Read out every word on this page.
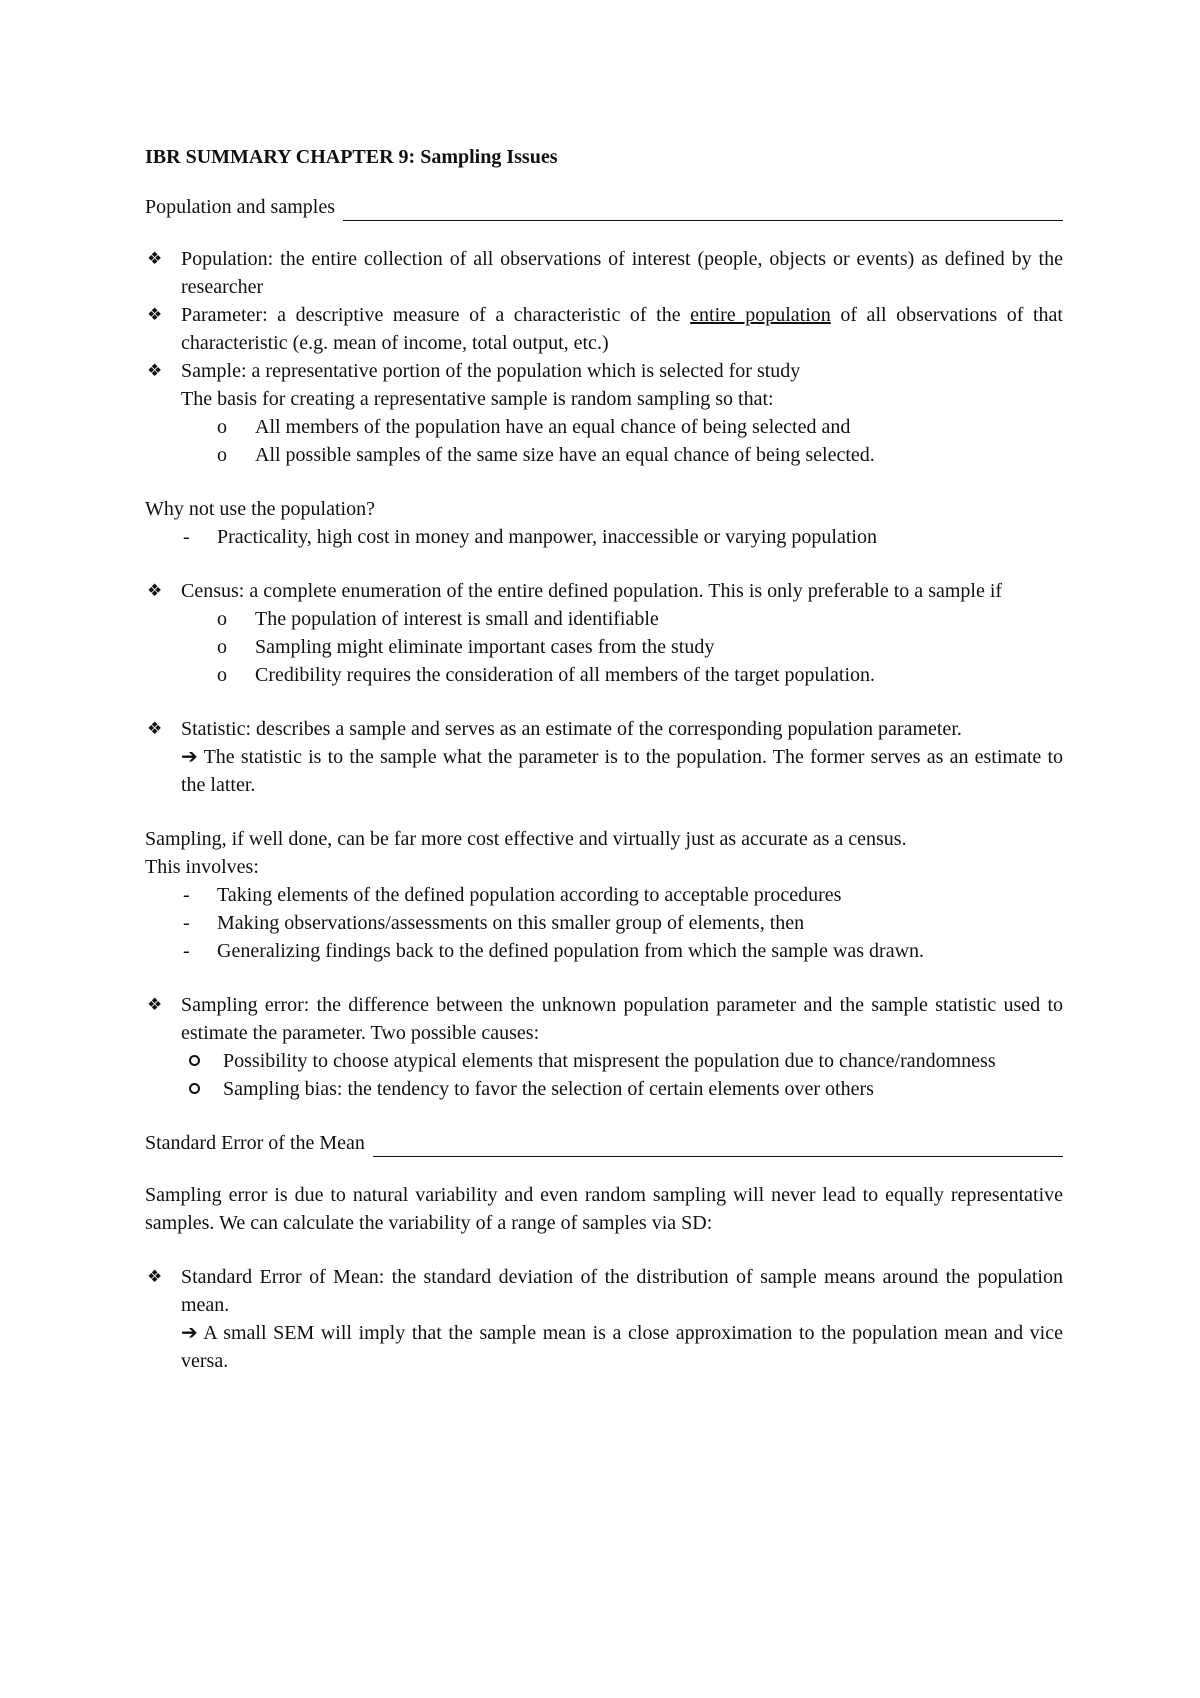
IBR SUMMARY CHAPTER 9: Sampling Issues

Population and samples

❖ Population: the entire collection of all observations of interest (people, objects or events) as defined by the researcher

❖ Parameter: a descriptive measure of a characteristic of the entire population of all observations of that characteristic (e.g. mean of income, total output, etc.)

❖ Sample: a representative portion of the population which is selected for study

The basis for creating a representative sample is random sampling so that:

o All members of the population have an equal chance of being selected and

o All possible samples of the same size have an equal chance of being selected.

Why not use the population?

- Practicality, high cost in money and manpower, inaccessible or varying population

❖ Census: a complete enumeration of the entire defined population. This is only preferable to a sample if

o The population of interest is small and identifiable

o Sampling might eliminate important cases from the study

o Credibility requires the consideration of all members of the target population.

❖ Statistic: describes a sample and serves as an estimate of the corresponding population parameter.

➔ The statistic is to the sample what the parameter is to the population. The former serves as an estimate to the latter.

Sampling, if well done, can be far more cost effective and virtually just as accurate as a census.

This involves:

- Taking elements of the defined population according to acceptable procedures

- Making observations/assessments on this smaller group of elements, then

- Generalizing findings back to the defined population from which the sample was drawn.

❖ Sampling error: the difference between the unknown population parameter and the sample statistic used to estimate the parameter. Two possible causes:

Possibility to choose atypical elements that mispresent the population due to chance/randomness

Sampling bias: the tendency to favor the selection of certain elements over others

Standard Error of the Mean

Sampling error is due to natural variability and even random sampling will never lead to equally representative samples. We can calculate the variability of a range of samples via SD:

❖ Standard Error of Mean: the standard deviation of the distribution of sample means around the population mean.

➔ A small SEM will imply that the sample mean is a close approximation to the population mean and vice versa.
